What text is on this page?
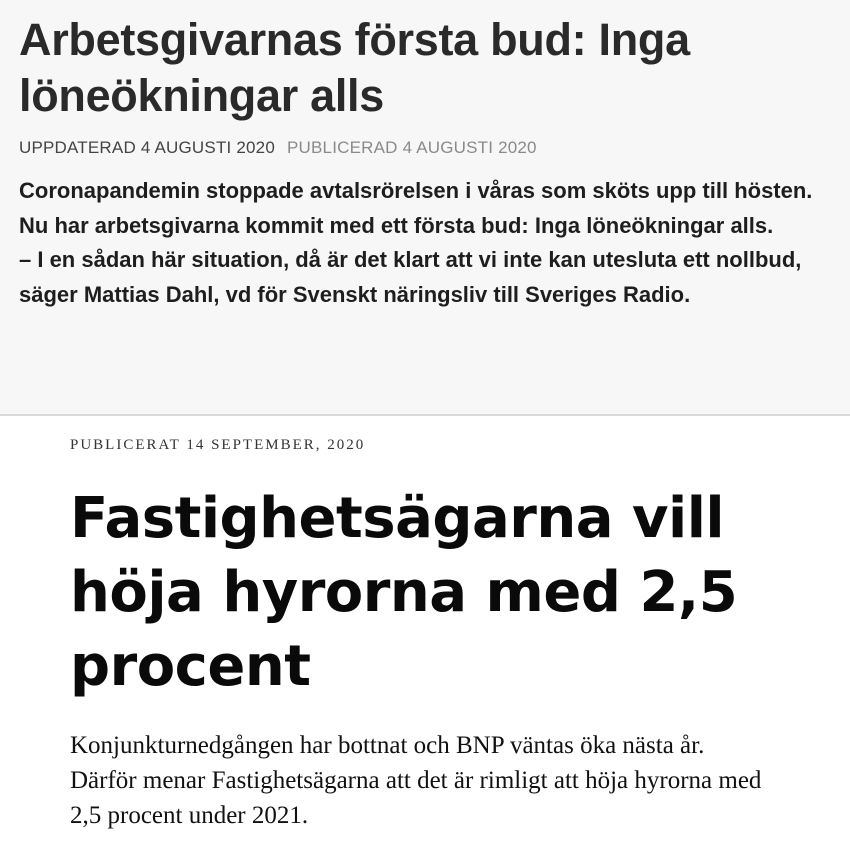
Arbetsgivarnas första bud: Inga löneökningar alls
UPPDATERAD 4 AUGUSTI 2020 PUBLICERAD 4 AUGUSTI 2020

Coronapandemin stoppade avtalsrörelsen i våras som sköts upp till hösten. Nu har arbetsgivarna kommit med ett första bud: Inga löneökningar alls.

– I en sådan här situation, då är det klart att vi inte kan utesluta ett nollbud, säger Mattias Dahl, vd för Svenskt näringsliv till Sveriges Radio.

PUBLICERAT 14 SEPTEMBER, 2020
Fastighetsägarna vill höja hyrorna med 2,5 procent

Konjunkturnedgången har bottnat och BNP väntas öka nästa år. Därför menar Fastighetsägarna att det är rimligt att höja hyrorna med 2,5 procent under 2021.
